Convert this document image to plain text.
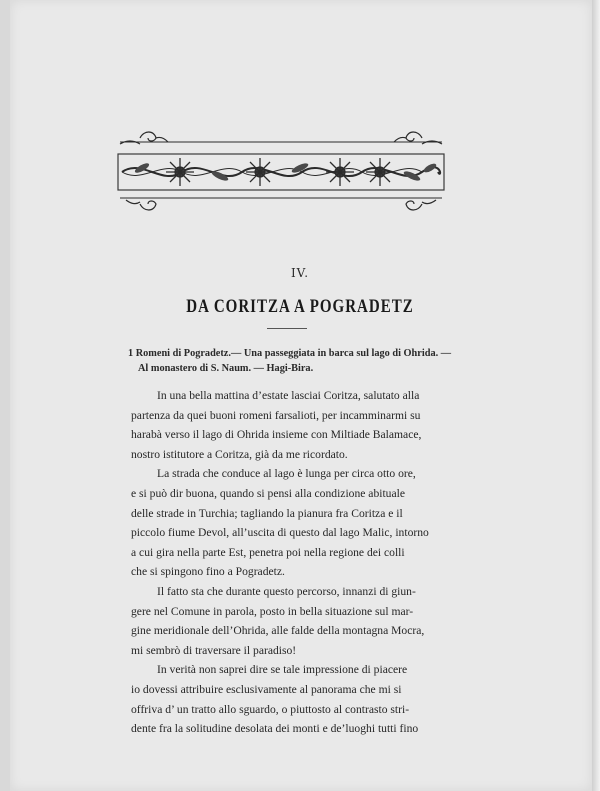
IV.
DA CORITZA A POGRADETZ
1 Romeni di Pogradetz.— Una passeggiata in barca sul lago di Ohrida. —
Al monastero di S. Naum. — Hagi-Bira.
In una bella mattina d’estate lasciai Coritza, salutato alla
partenza da quei buoni romeni farsalioti, per incamminarmi su
harabà verso il lago di Ohrida insieme con Miltiade Balamace,
nostro istitutore a Coritza, già da me ricordato.
La strada che conduce al lago è lunga per circa otto ore,
e si può dir buona, quando si pensi alla condizione abituale
delle strade in Turchia; tagliando la pianura fra Coritza e il
piccolo fiume Devol, all’uscita di questo dal lago Malic, intorno
a cui gira nella parte Est, penetra poi nella regione dei colli
che si spingono fino a Pogradetz.
Il fatto sta che durante questo percorso, innanzi di giun-
gere nel Comune in parola, posto in bella situazione sul mar-
gine meridionale dell’Ohrida, alle falde della montagna Mocra,
mi sembrò di traversare il paradiso!
In verità non saprei dire se tale impressione di piacere
io dovessi attribuire esclusivamente al panorama che mi si
offriva d’ un tratto allo sguardo, o piuttosto al contrasto stri-
dente fra la solitudine desolata dei monti e de’luoghi tutti fino
